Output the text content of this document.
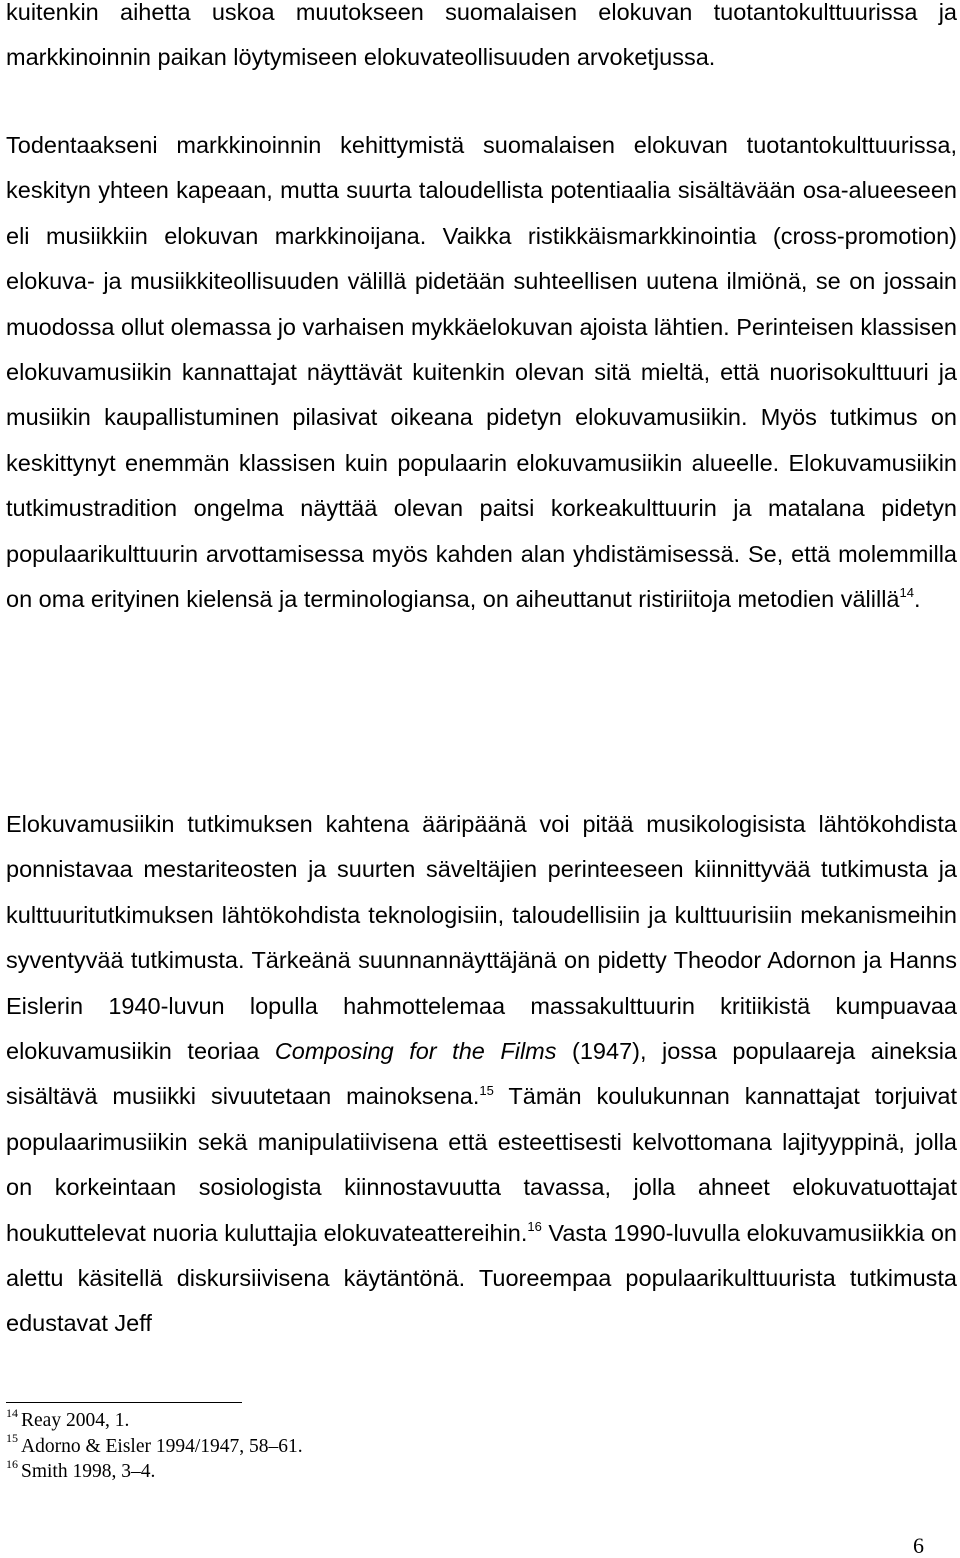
kuitenkin aihetta uskoa muutokseen suomalaisen elokuvan tuotantokulttuurissa ja markkinoinnin paikan löytymiseen elokuvateollisuuden arvoketjussa.

Todentaakseni markkinoinnin kehittymistä suomalaisen elokuvan tuotantokulttuurissa, keskityn yhteen kapeaan, mutta suurta taloudellista potentiaalia sisältävään osa-alueeseen eli musiikkiin elokuvan markkinoijana. Vaikka ristikkäismarkkinointia (cross-promotion) elokuva- ja musiikkiteollisuuden välillä pidetään suhteellisen uutena ilmiönä, se on jossain muodossa ollut olemassa jo varhaisen mykkäelokuvan ajoista lähtien. Perinteisen klassisen elokuvamusiikin kannattajat näyttävät kuitenkin olevan sitä mieltä, että nuorisokulttuuri ja musiikin kaupallistuminen pilasivat oikeana pidetyn elokuvamusiikin. Myös tutkimus on keskittynyt enemmän klassisen kuin populaarin elokuvamusiikin alueelle. Elokuvamusiikin tutkimustradition ongelma näyttää olevan paitsi korkeakulttuurin ja matalana pidetyn populaarikulttuurin arvottamisessa myös kahden alan yhdistämisessä. Se, että molemmilla on oma erityinen kielensä ja terminologiansa, on aiheuttanut ristiriitoja metodien välillä$^{14}$.

Elokuvamusiikin tutkimuksen kahtena ääripäänä voi pitää musikologisista lähtökohdista ponnistavaa mestariteosten ja suurten säveltäjien perinteeseen kiinnittyvää tutkimusta ja kulttuuritutkimuksen lähtökohdista teknologisiin, taloudellisiin ja kulttuurisiin mekanismeihin syventyvää tutkimusta. Tärkeänä suunnannäyttäjänä on pidetty Theodor Adornon ja Hanns Eislerin 1940-luvun lopulla hahmottelemaa massakulttuurin kritiikistä kumpuavaa elokuvamusiikin teoriaa Composing for the Films (1947), jossa populaareja aineksia sisältävä musiikki sivuutetaan mainoksena.$^{15}$ Tämän koulukunnan kannattajat torjuivat populaarimusiikin sekä manipulatiivisena että esteettisesti kelvottomana lajityyppinä, jolla on korkeintaan sosiologista kiinnostavuutta tavassa, jolla ahneet elokuvatuottajat houkuttelevat nuoria kuluttajia elokuvateattereihin.$^{16}$ Vasta 1990-luvulla elokuvamusiikkia on alettu käsitellä diskursiivisena käytäntönä. Tuoreempaa populaarikulttuurista tutkimusta edustavat Jeff

$^{14}$ Reay 2004, 1.
$^{15}$ Adorno & Eisler 1994/1947, 58–61.
$^{16}$ Smith 1998, 3–4.
6
